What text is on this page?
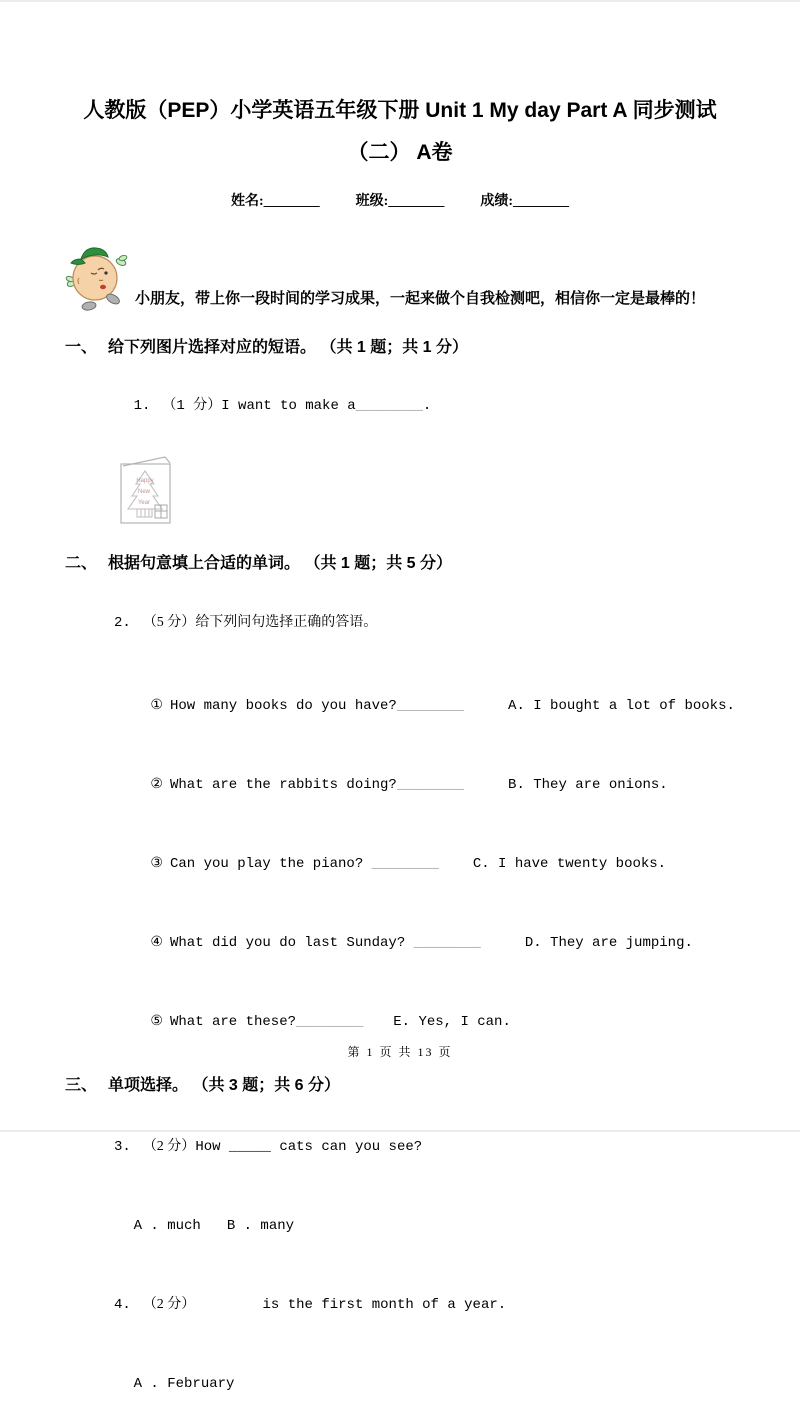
人教版（PEP）小学英语五年级下册 Unit 1 My day Part A 同步测试（二） A卷
姓名:________	班级:________	成绩:________
小朋友，带上你一段时间的学习成果，一起来做个自我检测吧，相信你一定是最棒的！
一、 给下列图片选择对应的短语。 （共 1 题；共 1 分）

1. （1 分）I want to make a________.

Happy
New
Year
二、 根据句意填上合适的单词。 （共 1 题；共 5 分）

2. （5 分）给下列问句选择正确的答语。

① How many books do you have?________	A. I bought a lot of books.

② What are the rabbits doing?________	B. They are onions.

③ Can you play the piano? ________ C. I have twenty books.

④ What did you do last Sunday? ________	D. They are jumping.

⑤ What are these?________ E. Yes, I can.

三、 单项选择。 （共 3 题；共 6 分）

3. （2 分）How _____ cats can you see?

A . much B . many

4. （2 分）        is the first month of a year.

A . February

第 1 页 共 13 页
